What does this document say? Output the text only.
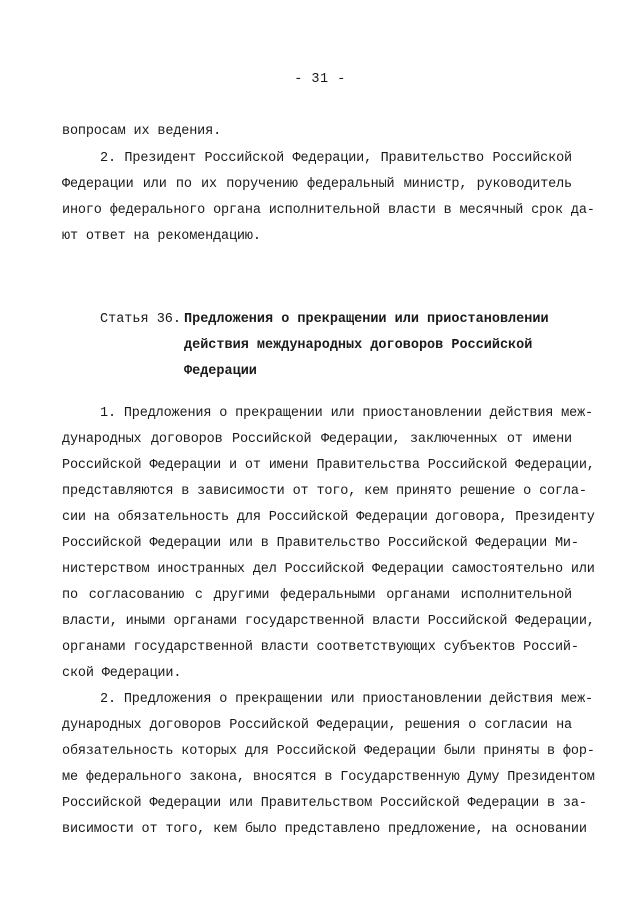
- 31 -
вопросам их ведения.
2. Президент Российской Федерации, Правительство Российской
Федерации или по их поручению федеральный министр, руководитель
иного федерального органа исполнительной власти в месячный срок да-
ют ответ на рекомендацию.
Статья 36. Предложения о прекращении или приостановлении
действия международных договоров Российской
Федерации
1. Предложения о прекращении или приостановлении действия меж-
дународных договоров Российской Федерации, заключенных от имени
Российской Федерации и от имени Правительства Российской Федерации,
представляются в зависимости от того, кем принято решение о согла-
сии на обязательность для Российской Федерации договора, Президенту
Российской Федерации или в Правительство Российской Федерации Ми-
нистерством иностранных дел Российской Федерации самостоятельно или
по согласованию с другими федеральными органами исполнительной
власти, иными органами государственной власти Российской Федерации,
органами государственной власти соответствующих субъектов Россий-
ской Федерации.
2. Предложения о прекращении или приостановлении действия меж-
дународных договоров Российской Федерации, решения о согласии на
обязательность которых для Российской Федерации были приняты в фор-
ме федерального закона, вносятся в Государственную Думу Президентом
Российской Федерации или Правительством Российской Федерации в за-
висимости от того, кем было представлено предложение, на основании
